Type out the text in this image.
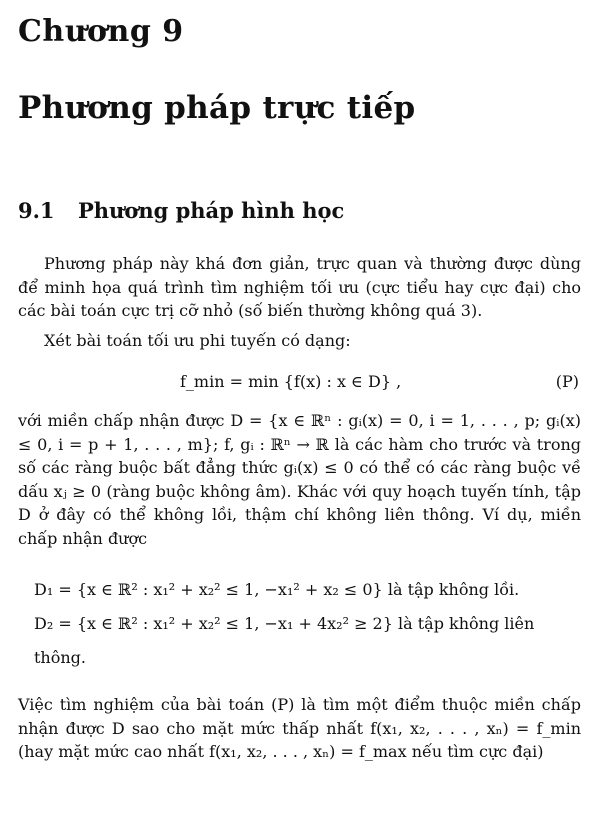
Chương 9
Phương pháp trực tiếp
9.1 Phương pháp hình học
Phương pháp này khá đơn giản, trực quan và thường được dùng để minh họa quá trình tìm nghiệm tối ưu (cực tiểu hay cực đại) cho các bài toán cực trị cỡ nhỏ (số biến thường không quá 3).
Xét bài toán tối ưu phi tuyến có dạng:
f_min = min {f(x) : x ∈ D} ,	(P)
với miền chấp nhận được D = {x ∈ ℝⁿ : gᵢ(x) = 0, i = 1, . . . , p; gᵢ(x) ≤ 0, i = p + 1, . . . , m}; f, gᵢ : ℝⁿ → ℝ là các hàm cho trước và trong số các ràng buộc bất đẳng thức gᵢ(x) ≤ 0 có thể có các ràng buộc về dấu xⱼ ≥ 0 (ràng buộc không âm). Khác với quy hoạch tuyến tính, tập D ở đây có thể không lồi, thậm chí không liên thông. Ví dụ, miền chấp nhận được
D₁ = {x ∈ ℝ² : x₁² + x₂² ≤ 1, −x₁² + x₂ ≤ 0} là tập không lồi.
D₂ = {x ∈ ℝ² : x₁² + x₂² ≤ 1, −x₁ + 4x₂² ≥ 2} là tập không liên
thông.
Việc tìm nghiệm của bài toán (P) là tìm một điểm thuộc miền chấp nhận được D sao cho mặt mức thấp nhất f(x₁, x₂, . . . , xₙ) = f_min (hay mặt mức cao nhất f(x₁, x₂, . . . , xₙ) = f_max nếu tìm cực đại)
